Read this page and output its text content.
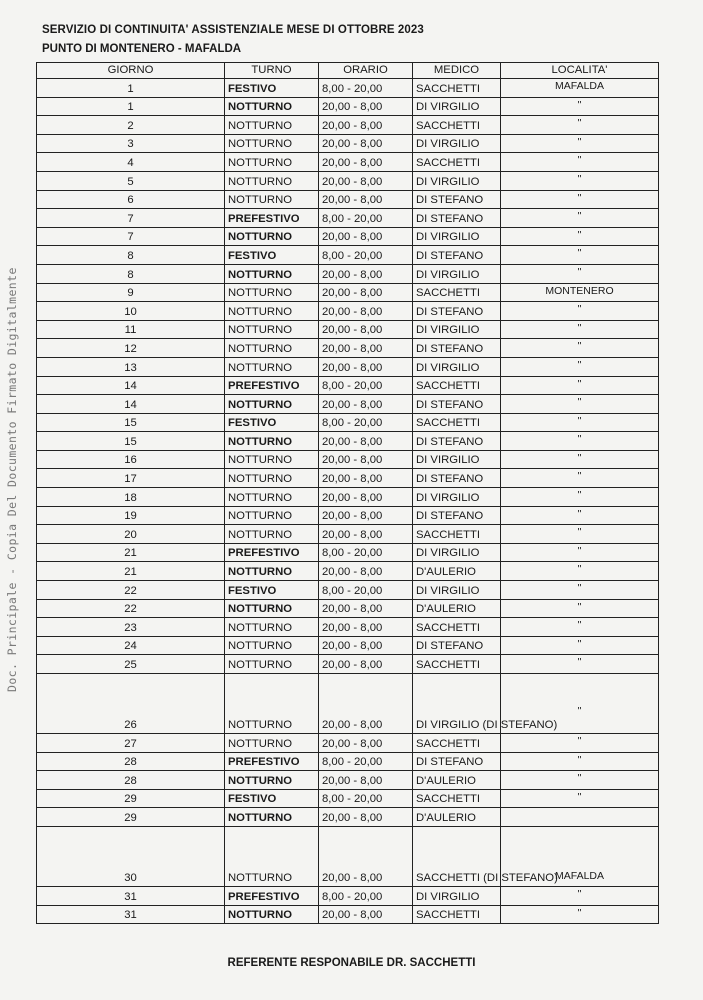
Doc. Principale - Copia Del Documento Firmato Digitalmente
SERVIZIO DI CONTINUITA' ASSISTENZIALE MESE DI OTTOBRE 2023
PUNTO DI MONTENERO - MAFALDA
GIORNO	TURNO	ORARIO	MEDICO	LOCALITA'
1	FESTIVO	8,00 - 20,00	SACCHETTI	MAFALDA
1	NOTTURNO	20,00 - 8,00	DI VIRGILIO	"
2	NOTTURNO	20,00 - 8,00	SACCHETTI	"
3	NOTTURNO	20,00 - 8,00	DI VIRGILIO	"
4	NOTTURNO	20,00 - 8,00	SACCHETTI	"
5	NOTTURNO	20,00 - 8,00	DI VIRGILIO	"
6	NOTTURNO	20,00 - 8,00	DI STEFANO	"
7	PREFESTIVO	8,00 - 20,00	DI STEFANO	"
7	NOTTURNO	20,00 - 8,00	DI VIRGILIO	"
8	FESTIVO	8,00 - 20,00	DI STEFANO	"
8	NOTTURNO	20,00 - 8,00	DI VIRGILIO	"
9	NOTTURNO	20,00 - 8,00	SACCHETTI	MONTENERO
10	NOTTURNO	20,00 - 8,00	DI STEFANO	"
11	NOTTURNO	20,00 - 8,00	DI VIRGILIO	"
12	NOTTURNO	20,00 - 8,00	DI STEFANO	"
13	NOTTURNO	20,00 - 8,00	DI VIRGILIO	"
14	PREFESTIVO	8,00 - 20,00	SACCHETTI	"
14	NOTTURNO	20,00 - 8,00	DI STEFANO	"
15	FESTIVO	8,00 - 20,00	SACCHETTI	"
15	NOTTURNO	20,00 - 8,00	DI STEFANO	"
16	NOTTURNO	20,00 - 8,00	DI VIRGILIO	"
17	NOTTURNO	20,00 - 8,00	DI STEFANO	"
18	NOTTURNO	20,00 - 8,00	DI VIRGILIO	"
19	NOTTURNO	20,00 - 8,00	DI STEFANO	"
20	NOTTURNO	20,00 - 8,00	SACCHETTI	"
21	PREFESTIVO	8,00 - 20,00	DI VIRGILIO	"
21	NOTTURNO	20,00 - 8,00	D'AULERIO	"
22	FESTIVO	8,00 - 20,00	DI VIRGILIO	"
22	NOTTURNO	20,00 - 8,00	D'AULERIO	"
23	NOTTURNO	20,00 - 8,00	SACCHETTI	"
24	NOTTURNO	20,00 - 8,00	DI STEFANO	"
25	NOTTURNO	20,00 - 8,00	SACCHETTI	"
26	NOTTURNO	20,00 - 8,00	DI VIRGILIO (DI STEFANO)	"
27	NOTTURNO	20,00 - 8,00	SACCHETTI	"
28	PREFESTIVO	8,00 - 20,00	DI STEFANO	"
28	NOTTURNO	20,00 - 8,00	D'AULERIO	"
29	FESTIVO	8,00 - 20,00	SACCHETTI	"
29	NOTTURNO	20,00 - 8,00	D'AULERIO	
30	NOTTURNO	20,00 - 8,00	SACCHETTI (DI STEFANO)	MAFALDA
31	PREFESTIVO	8,00 - 20,00	DI VIRGILIO	"
31	NOTTURNO	20,00 - 8,00	SACCHETTI	"
REFERENTE RESPONABILE DR. SACCHETTI
